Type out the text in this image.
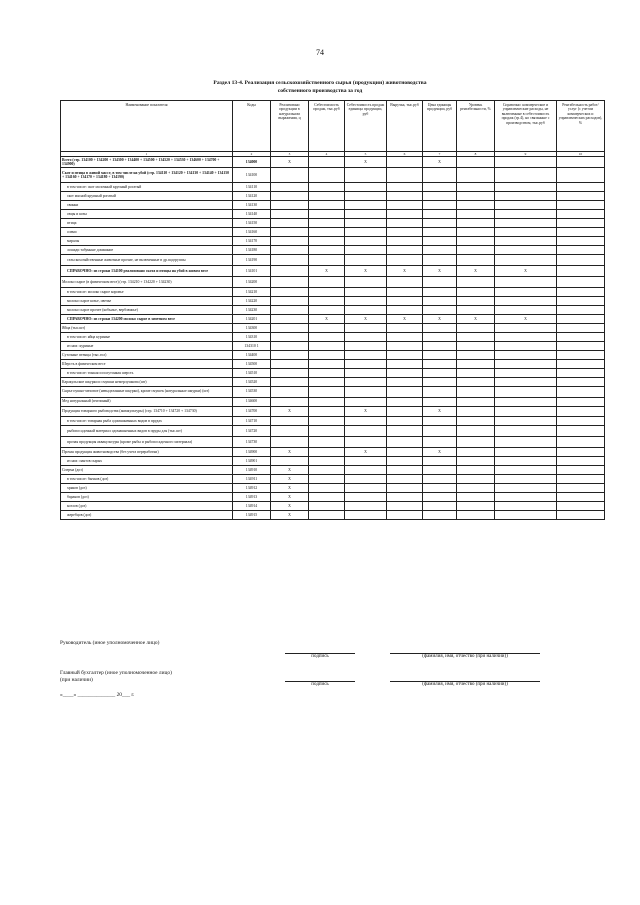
74
Раздел 13-4. Реализация сельскохозяйственного сырья (продукции) животноводства
собственного производства за год
Наименование показателя	Коды	Реализовано продукции в натуральном выражении, ц	Себестоимость продаж, тыс.руб	Себестоимость продаж единицы продукции, руб	Выручка, тыс.руб	Цена единицы продукции, руб	Уровень рентабельности, %	Справочно: коммерческие и управленческие расходы, не включенные в себестоимость продаж (гр.4), но связанные с производством, тыс.руб	Рентабельность работ/услуг (с учетом коммерческих и управленческих расходов), %
1	2	3	4	5	6	7	8	9	10
Всего (стр. 134100 + 134200 + 134300 + 134400 + 134500 + 134520 + 134530 + 134600 + 134700 + 134900)	134000	X		X		X			
Скот и птица в живой массе, в том числе на убой (стр. 134110 + 134120 + 134130 + 134140 + 134150 + 134160 + 134170 + 134180 + 134190)	134100								
в том числе: скот молочный крупный рогатый	134110								
скот мясной крупный рогатый	134120								
свиньи	134130								
овцы и козы	134140								
птица	134150								
олени	134160								
маралы	134170								
лошади табунные домашние	134180								
сельскохозяйственные животные прочие, не включенные в др.подгруппы	134190								
СПРАВОЧНО: из строки 134100 реализовано скота и птицы на убой в живом весе	134101		X	X	X	X	X	X	
Молоко сырое (в физическом весе) (стр. 134210 + 134220 + 134230)	134200								
в том числе: молоко сырое коровье	134210								
молоко сырое козье, овечье	134220								
молоко сырое прочее (кобылье, верблюжье)	134230								
СПРАВОЧНО: из строки 134200 молоко сырое в зачетном весе	134201		X	X	X	X	X	X	
Яйца (тыс.шт)	134300								
в том числе: яйца куриные	134310								
из них: куриные	134310 1								
Суточные птенцы (тыс.гол)	134400								
Шерсть в физическом весе	134500								
в том числе: тонкая и полутонкая шерсть	134510								
Каракульские шкурки и смушки немерлушкова (шт)	134520								
Сырье пушно-меховое (невыделанные шкурки), кроме смушек (натуральные шкурки) (шт)	134530								
Мед натуральный (пчелиный)	134600								
Продукция товарного рыбоводства (аквакультуры) (стр. 134710 + 134720 + 134730)	134700	X		X		X			
в том числе: товарная рыба одомашненных видов в прудах	134710								
рыбопосадочный материал одомашненных видов в пруды для (тыс.шт)	134720								
прочая продукция аквакультуры (кроме рыбы и рыбопосадочного материала)	134730								
Прочая продукция животноводства (без учета переработки)	134900	X		X		X			
из них: пантов сырых	134901								
Сперма (доз)	134910	X							
в том числе: бычков (доз)	134911	X							
хряков (доз)	134912	X							
баранов (доз)	134913	X							
козлов (доз)	134914	X							
жеребцов (доз)	134915	X							
Руководитель (иное уполномоченное лицо)
подпись	(фамилия, имя, отчество (при наличии))
Главный бухгалтер (иное уполномоченное лицо)
(при наличии)
подпись	(фамилия, имя, отчество (при наличии))
«____» ______________ 20___ г.
